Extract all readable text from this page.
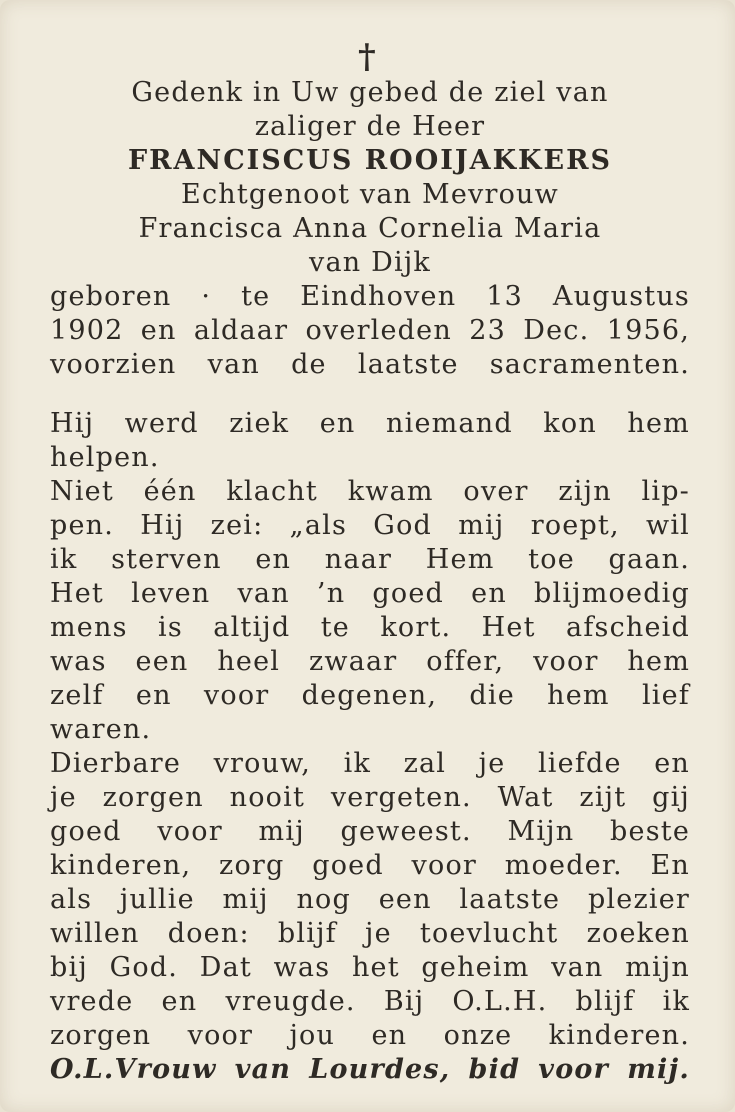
†
Gedenk in Uw gebed de ziel van
zaliger de Heer
FRANCISCUS ROOIJAKKERS
Echtgenoot van Mevrouw
Francisca Anna Cornelia Maria
van Dijk
geboren · te Eindhoven 13 Augustus
1902 en aldaar overleden 23 Dec. 1956,
voorzien van de laatste sacramenten.
Hij werd ziek en niemand kon hem
helpen.
Niet één klacht kwam over zijn lip-
pen. Hij zei: „als God mij roept, wil
ik sterven en naar Hem toe gaan.
Het leven van ’n goed en blijmoedig
mens is altijd te kort. Het afscheid
was een heel zwaar offer, voor hem
zelf en voor degenen, die hem lief
waren.
Dierbare vrouw, ik zal je liefde en
je zorgen nooit vergeten. Wat zijt gij
goed voor mij geweest. Mijn beste
kinderen, zorg goed voor moeder. En
als jullie mij nog een laatste plezier
willen doen: blijf je toevlucht zoeken
bij God. Dat was het geheim van mijn
vrede en vreugde. Bij O.L.H. blijf ik
zorgen voor jou en onze kinderen.
O.L.Vrouw van Lourdes, bid voor mij.
